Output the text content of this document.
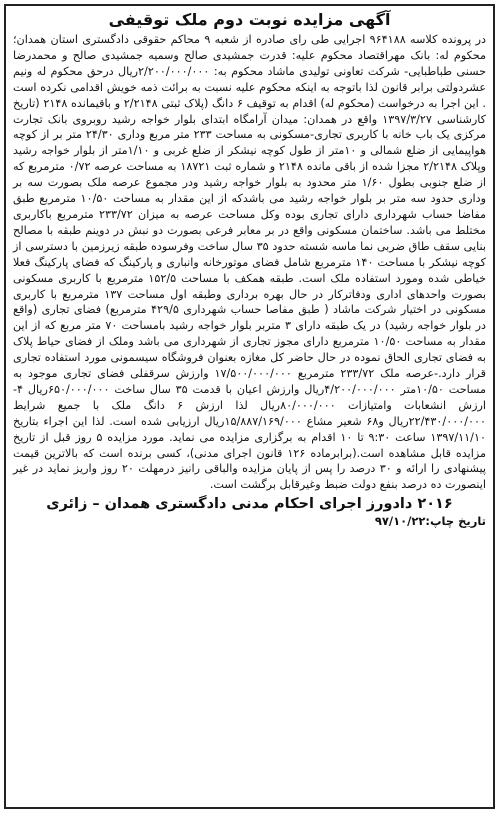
آگهی مزایده نوبت دوم ملک توقیفی

در پرونده کلاسه ۹۶۴۱۸۸ اجرایی طی رای صادره از شعبه ۹ محاکم حقوقی دادگستری استان همدان؛ محکوم له: بانک مهراقتصاد محکوم علیه: قدرت جمشیدی صالح وسمیه جمشیدی صالح و محمدرضا حسنی طباطبایی- شرکت تعاونی تولیدی ماشاد محکوم به: ۲/۲۰۰/۰۰۰/۰۰۰ریال درحق محکوم له ونیم عشردولتی برابر قانون لذا باتوجه به اینکه محکوم علیه نسبت به برائت ذمه خویش اقدامی نکرده است . این اجرا به درخواست (محکوم له) اقدام به توقیف ۶ دانگ (پلاک ثبتی ۲/۲۱۴۸ و باقیمانده ۲۱۴۸ (تاریخ کارشناسی ۱۳۹۷/۳/۲۷ واقع در همدان: میدان آرامگاه ابتدای بلوار خواجه رشید روبروی بانک تجارت مرکزی یک باب خانه با کاربری تجاری-مسکونی به مساحت ۲۳۳ متر مربع وداری ۲۴/۳۰ متر بر از کوچه هواپیمایی از ضلع شمالی و ۱۰متر از طول کوچه نیشکر از ضلع غربی و ۱/۱۰متر از بلوار خواجه رشید وپلاک ۲/۲۱۴۸ مجزا شده از باقی مانده ۲۱۴۸ و شماره ثبت ۱۸۷۲۱ به مساحت عرصه ۰/۷۲ مترمربع که از ضلع جنوبی بطول ۱/۶۰ متر محدود به بلوار خواجه رشید ودر مجموع عرصه ملک بصورت سه بر وداری حدود سه متر بر بلوار خواجه رشید می باشدکه از این مقدار به مساحت ۱۰/۵۰ مترمربع طبق مفاضا حساب شهرداری دارای تجاری بوده وکل مساحت عرصه به میزان ۲۳۳/۷۲ مترمربع باکاربری مختلط می باشد. ساختمان مسکونی واقع در بر معابر فرعی بصورت دو نبش در دوینم طبقه با مصالح بنایی سقف طاق ضربی نما ماسه شسته حدود ۳۵ سال ساخت وفرسوده طبقه زیرزمین با دسترسی از کوچه نیشکر با مساحت ۱۴۰ مترمربع شامل فضای موتورخانه وانباری و پارکینگ که فضای پارکینگ فعلا خیاطی شده ومورد استفاده ملک است. طبقه همکف با مساحت ۱۵۲/۵ مترمربع با کاربری مسکونی بصورت واحدهای اداری ودفاترکار در حال بهره برداری وطبقه اول مساحت ۱۳۷ مترمربع با کاربری مسکونی در اختیار شرکت ماشاد ( طبق مفاصا حساب شهرداری ۴۲۹/۵ مترمربع) فضای تجاری (واقع در بلوار خواجه رشید) در یک طبقه دارای ۳ متربر بلوار خواجه رشید بامساحت ۷۰ متر مربع که از این مقدار به مساحت ۱۰/۵۰ مترمربع دارای مجوز تجاری از شهرداری می باشد وملک از فضای حیاط پلاک به فضای تجاری الحاق نموده در حال حاضر کل مغازه بعنوان فروشگاه سیسمونی مورد استفاده تجاری قرار دارد.-عرصه ملک ۲۳۳/۷۲ مترمربع ۱۷/۵۰۰/۰۰۰/۰۰۰ وارزش سرقفلی فضای تجاری موجود به مساحت ۱۰/۵۰متر ۴/۲۰۰/۰۰۰/۰۰۰ریال وارزش اعیان با قدمت ۳۵ سال ساخت ۶۵۰/۰۰۰/۰۰۰ریال ۴- ارزش انشعابات وامتیازات ۸۰/۰۰۰/۰۰۰ریال لذا ارزش ۶ دانگ ملک با جمیع شرایط ۲۲/۴۳۰/۰۰۰/۰۰۰ریال و۶۸ شعیر مشاع ۱۵/۸۸۷/۱۶۹/۰۰۰ریال ارزیابی شده است. لذا این اجراء بتاریخ ۱۳۹۷/۱۱/۱۰ ساعت ۹:۳۰ تا ۱۰ اقدام به برگزاری مزایده می نماید. مورد مزایده ۵ روز قبل از تاریخ مزایده قابل مشاهده است.(برابرماده ۱۲۶ قانون اجرای مدنی)، کسی برنده است که بالاترین قیمت پیشنهادی را ارائه و ۳۰ درصد را پس از پایان مزایده والباقی رانیز درمهلت ۲۰ روز واریز نماید در غیر اینصورت ده درصد بنفع دولت ضبط وغیرقابل برگشت است.

۲۰۱۶ دادورز اجرای احکام مدنی دادگستری همدان – زائری
تاریخ چاپ:۹۷/۱۰/۲۲
